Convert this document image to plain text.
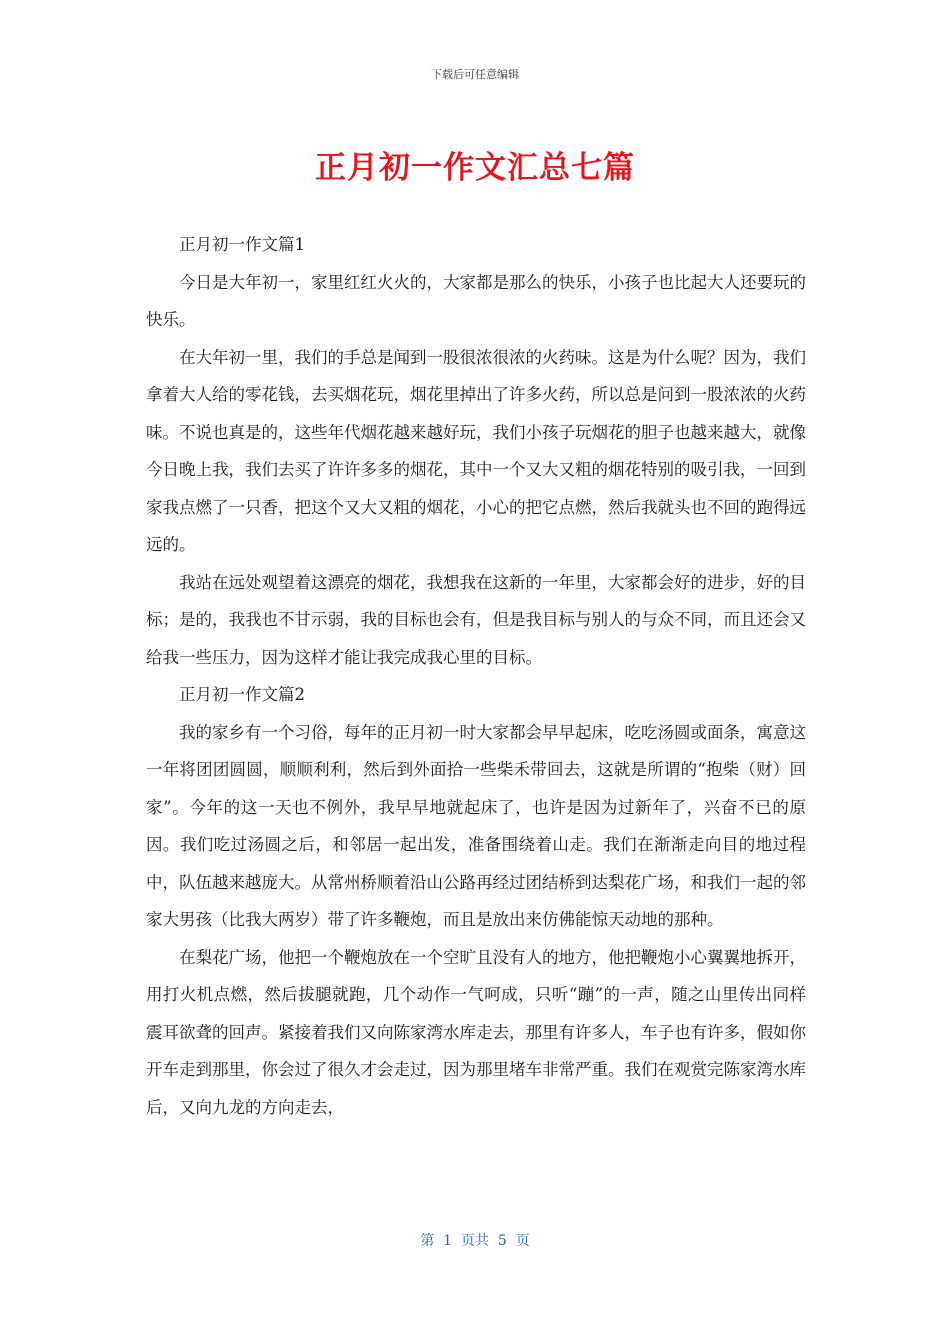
下载后可任意编辑
正月初一作文汇总七篇

正月初一作文篇1

今日是大年初一，家里红红火火的，大家都是那么的快乐，小孩子也比起大人还要玩的快乐。

在大年初一里，我们的手总是闻到一股很浓很浓的火药味。这是为什么呢？因为，我们拿着大人给的零花钱，去买烟花玩，烟花里掉出了许多火药，所以总是问到一股浓浓的火药味。不说也真是的，这些年代烟花越来越好玩，我们小孩子玩烟花的胆子也越来越大，就像今日晚上我，我们去买了许许多多的烟花，其中一个又大又粗的烟花特别的吸引我，一回到家我点燃了一只香，把这个又大又粗的烟花，小心的把它点燃，然后我就头也不回的跑得远远的。

我站在远处观望着这漂亮的烟花，我想我在这新的一年里，大家都会好的进步，好的目标；是的，我我也不甘示弱，我的目标也会有，但是我目标与别人的与众不同，而且还会又给我一些压力，因为这样才能让我完成我心里的目标。

正月初一作文篇2

我的家乡有一个习俗，每年的正月初一时大家都会早早起床，吃吃汤圆或面条，寓意这一年将团团圆圆，顺顺利利，然后到外面拾一些柴禾带回去，这就是所谓的“抱柴（财）回家”。今年的这一天也不例外，我早早地就起床了，也许是因为过新年了，兴奋不已的原因。我们吃过汤圆之后，和邻居一起出发，准备围绕着山走。我们在渐渐走向目的地过程中，队伍越来越庞大。从常州桥顺着沿山公路再经过团结桥到达梨花广场，和我们一起的邻家大男孩（比我大两岁）带了许多鞭炮，而且是放出来仿佛能惊天动地的那种。

在梨花广场，他把一个鞭炮放在一个空旷且没有人的地方，他把鞭炮小心翼翼地拆开，用打火机点燃，然后拔腿就跑，几个动作一气呵成，只听“蹦”的一声，随之山里传出同样震耳欲聋的回声。紧接着我们又向陈家湾水库走去，那里有许多人，车子也有许多，假如你开车走到那里，你会过了很久才会走过，因为那里堵车非常严重。我们在观赏完陈家湾水库后，又向九龙的方向走去，

第  1  页共  5  页
